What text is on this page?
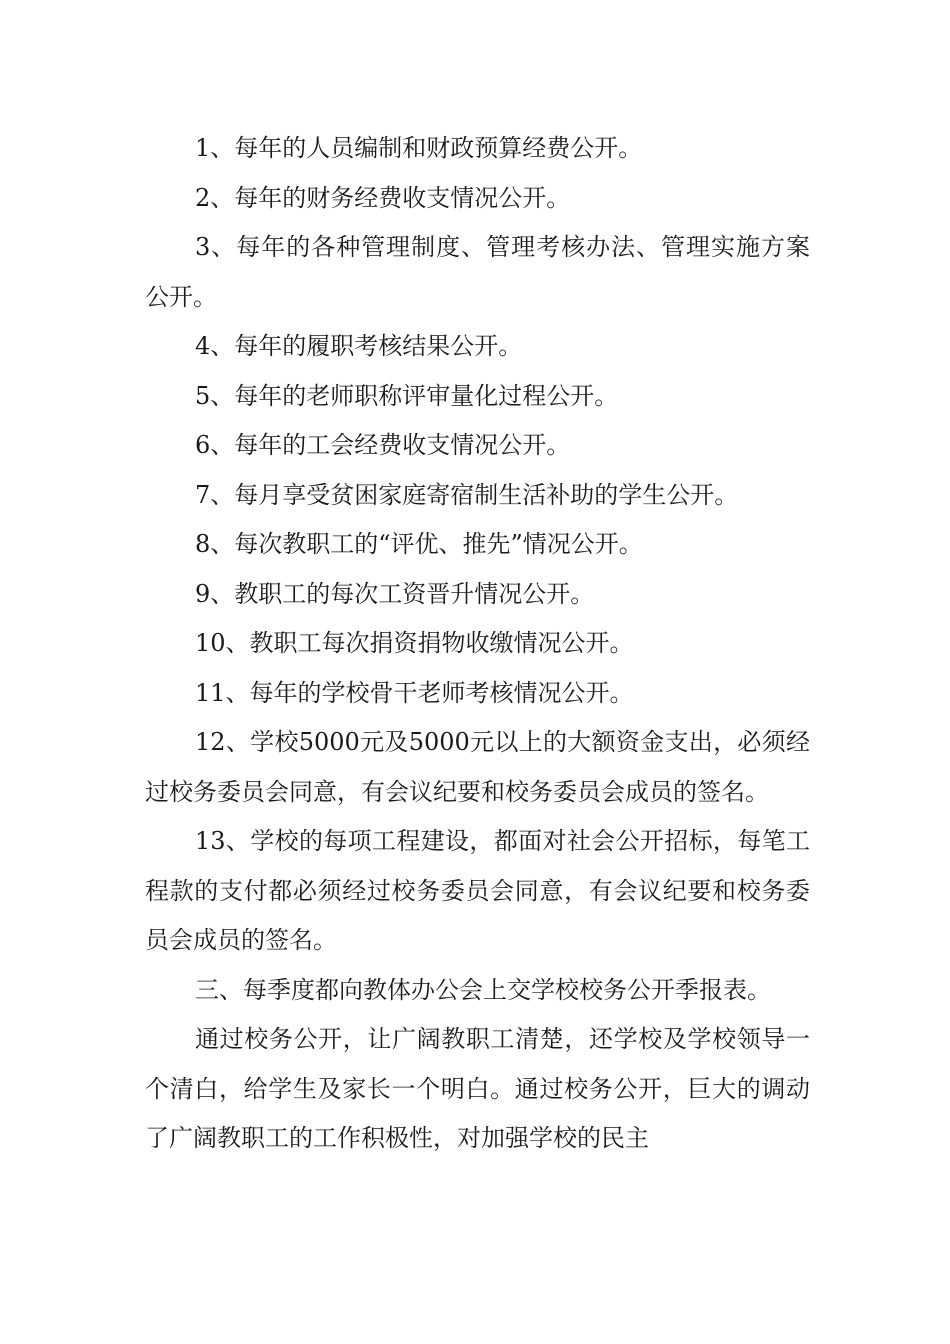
1、每年的人员编制和财政预算经费公开。

2、每年的财务经费收支情况公开。

3、每年的各种管理制度、管理考核办法、管理实施方案公开。

4、每年的履职考核结果公开。

5、每年的老师职称评审量化过程公开。

6、每年的工会经费收支情况公开。

7、每月享受贫困家庭寄宿制生活补助的学生公开。

8、每次教职工的“评优、推先”情况公开。

9、教职工的每次工资晋升情况公开。

10、教职工每次捐资捐物收缴情况公开。

11、每年的学校骨干老师考核情况公开。

12、学校5000元及5000元以上的大额资金支出，必须经过校务委员会同意，有会议纪要和校务委员会成员的签名。

13、学校的每项工程建设，都面对社会公开招标，每笔工程款的支付都必须经过校务委员会同意，有会议纪要和校务委员会成员的签名。

三、每季度都向教体办公会上交学校校务公开季报表。

通过校务公开，让广阔教职工清楚，还学校及学校领导一个清白，给学生及家长一个明白。通过校务公开，巨大的调动了广阔教职工的工作积极性，对加强学校的民主
